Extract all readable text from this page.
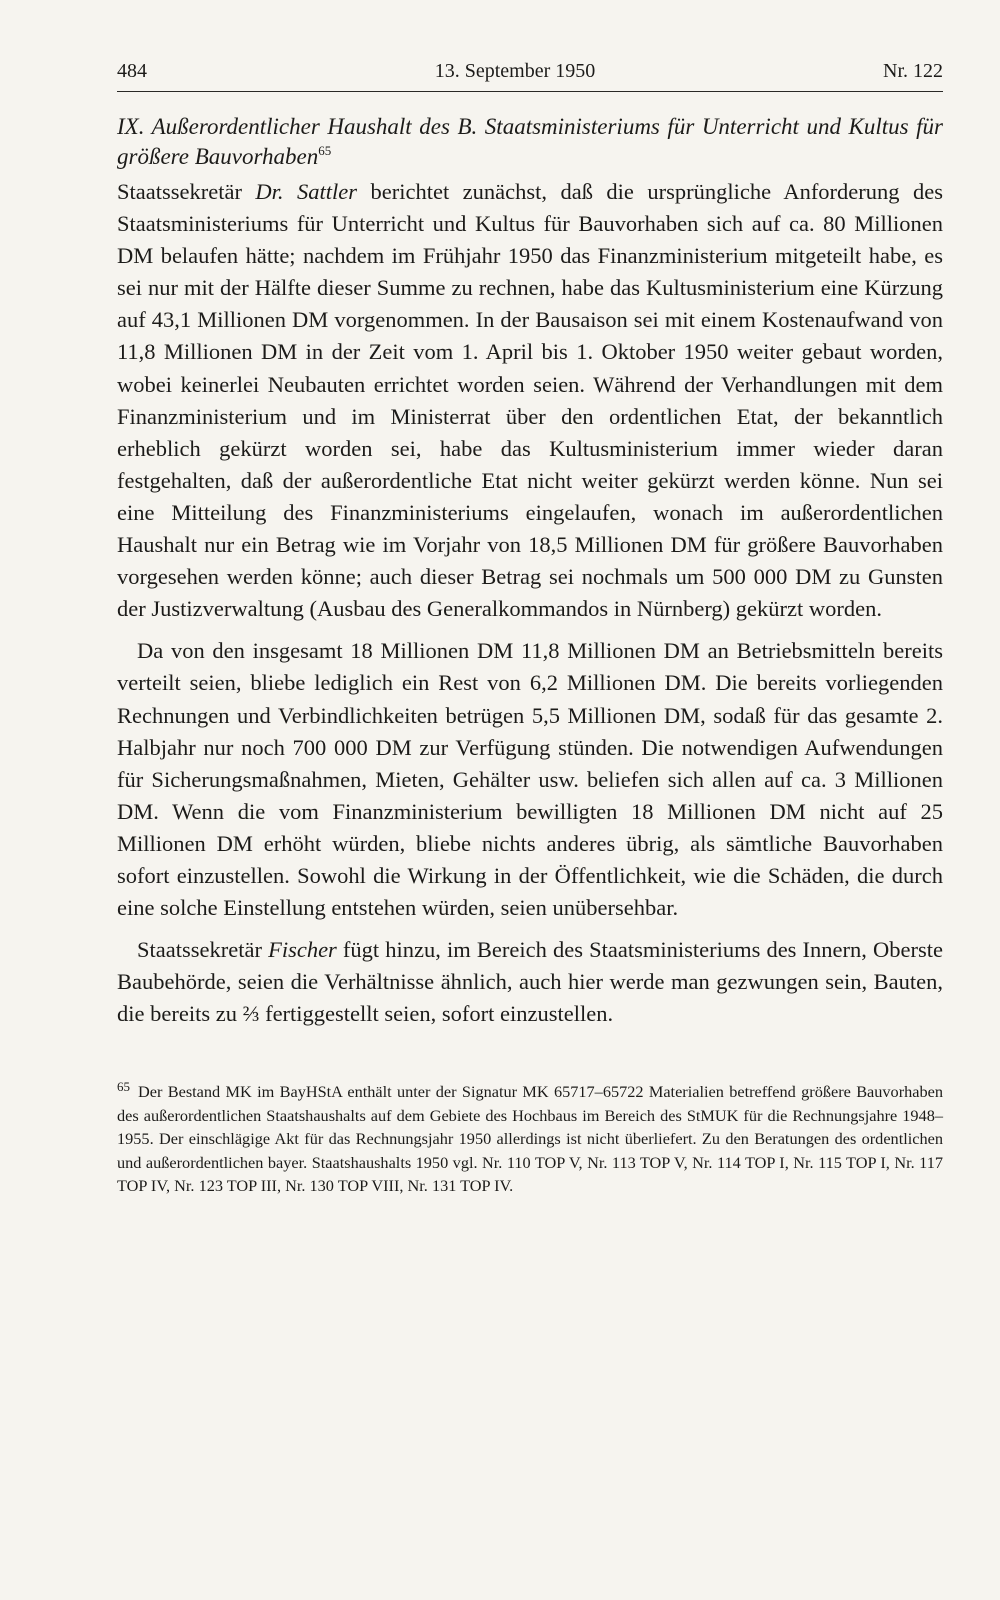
484	13. September 1950	Nr. 122
IX. Außerordentlicher Haushalt des B. Staatsministeriums für Unterricht und Kultus für größere Bauvorhaben$^{65}$

Staatssekretär Dr. Sattler berichtet zunächst, daß die ursprüngliche Anforderung des Staatsministeriums für Unterricht und Kultus für Bauvorhaben sich auf ca. 80 Millionen DM belaufen hätte; nachdem im Frühjahr 1950 das Finanzministerium mitgeteilt habe, es sei nur mit der Hälfte dieser Summe zu rechnen, habe das Kultusministerium eine Kürzung auf 43,1 Millionen DM vorgenommen. In der Bausaison sei mit einem Kostenaufwand von 11,8 Millionen DM in der Zeit vom 1. April bis 1. Oktober 1950 weiter gebaut worden, wobei keinerlei Neubauten errichtet worden seien. Während der Verhandlungen mit dem Finanzministerium und im Ministerrat über den ordentlichen Etat, der bekanntlich erheblich gekürzt worden sei, habe das Kultusministerium immer wieder daran festgehalten, daß der außerordentliche Etat nicht weiter gekürzt werden könne. Nun sei eine Mitteilung des Finanzministeriums eingelaufen, wonach im außerordentlichen Haushalt nur ein Betrag wie im Vorjahr von 18,5 Millionen DM für größere Bauvorhaben vorgesehen werden könne; auch dieser Betrag sei nochmals um 500 000 DM zu Gunsten der Justizverwaltung (Ausbau des Generalkommandos in Nürnberg) gekürzt worden.

Da von den insgesamt 18 Millionen DM 11,8 Millionen DM an Betriebsmitteln bereits verteilt seien, bliebe lediglich ein Rest von 6,2 Millionen DM. Die bereits vorliegenden Rechnungen und Verbindlichkeiten betrügen 5,5 Millionen DM, sodaß für das gesamte 2. Halbjahr nur noch 700 000 DM zur Verfügung stünden. Die notwendigen Aufwendungen für Sicherungsmaßnahmen, Mieten, Gehälter usw. beliefen sich allen auf ca. 3 Millionen DM. Wenn die vom Finanzministerium bewilligten 18 Millionen DM nicht auf 25 Millionen DM erhöht würden, bliebe nichts anderes übrig, als sämtliche Bauvorhaben sofort einzustellen. Sowohl die Wirkung in der Öffentlichkeit, wie die Schäden, die durch eine solche Einstellung entstehen würden, seien unübersehbar.

Staatssekretär Fischer fügt hinzu, im Bereich des Staatsministeriums des Innern, Oberste Baubehörde, seien die Verhältnisse ähnlich, auch hier werde man gezwungen sein, Bauten, die bereits zu ⅔ fertiggestellt seien, sofort einzustellen.

$^{65}$ Der Bestand MK im BayHStA enthält unter der Signatur MK 65717–65722 Materialien betreffend größere Bauvorhaben des außerordentlichen Staatshaushalts auf dem Gebiete des Hochbaus im Bereich des StMUK für die Rechnungsjahre 1948–1955. Der einschlägige Akt für das Rechnungsjahr 1950 allerdings ist nicht überliefert. Zu den Beratungen des ordentlichen und außerordentlichen bayer. Staatshaushalts 1950 vgl. Nr. 110 TOP V, Nr. 113 TOP V, Nr. 114 TOP I, Nr. 115 TOP I, Nr. 117 TOP IV, Nr. 123 TOP III, Nr. 130 TOP VIII, Nr. 131 TOP IV.
